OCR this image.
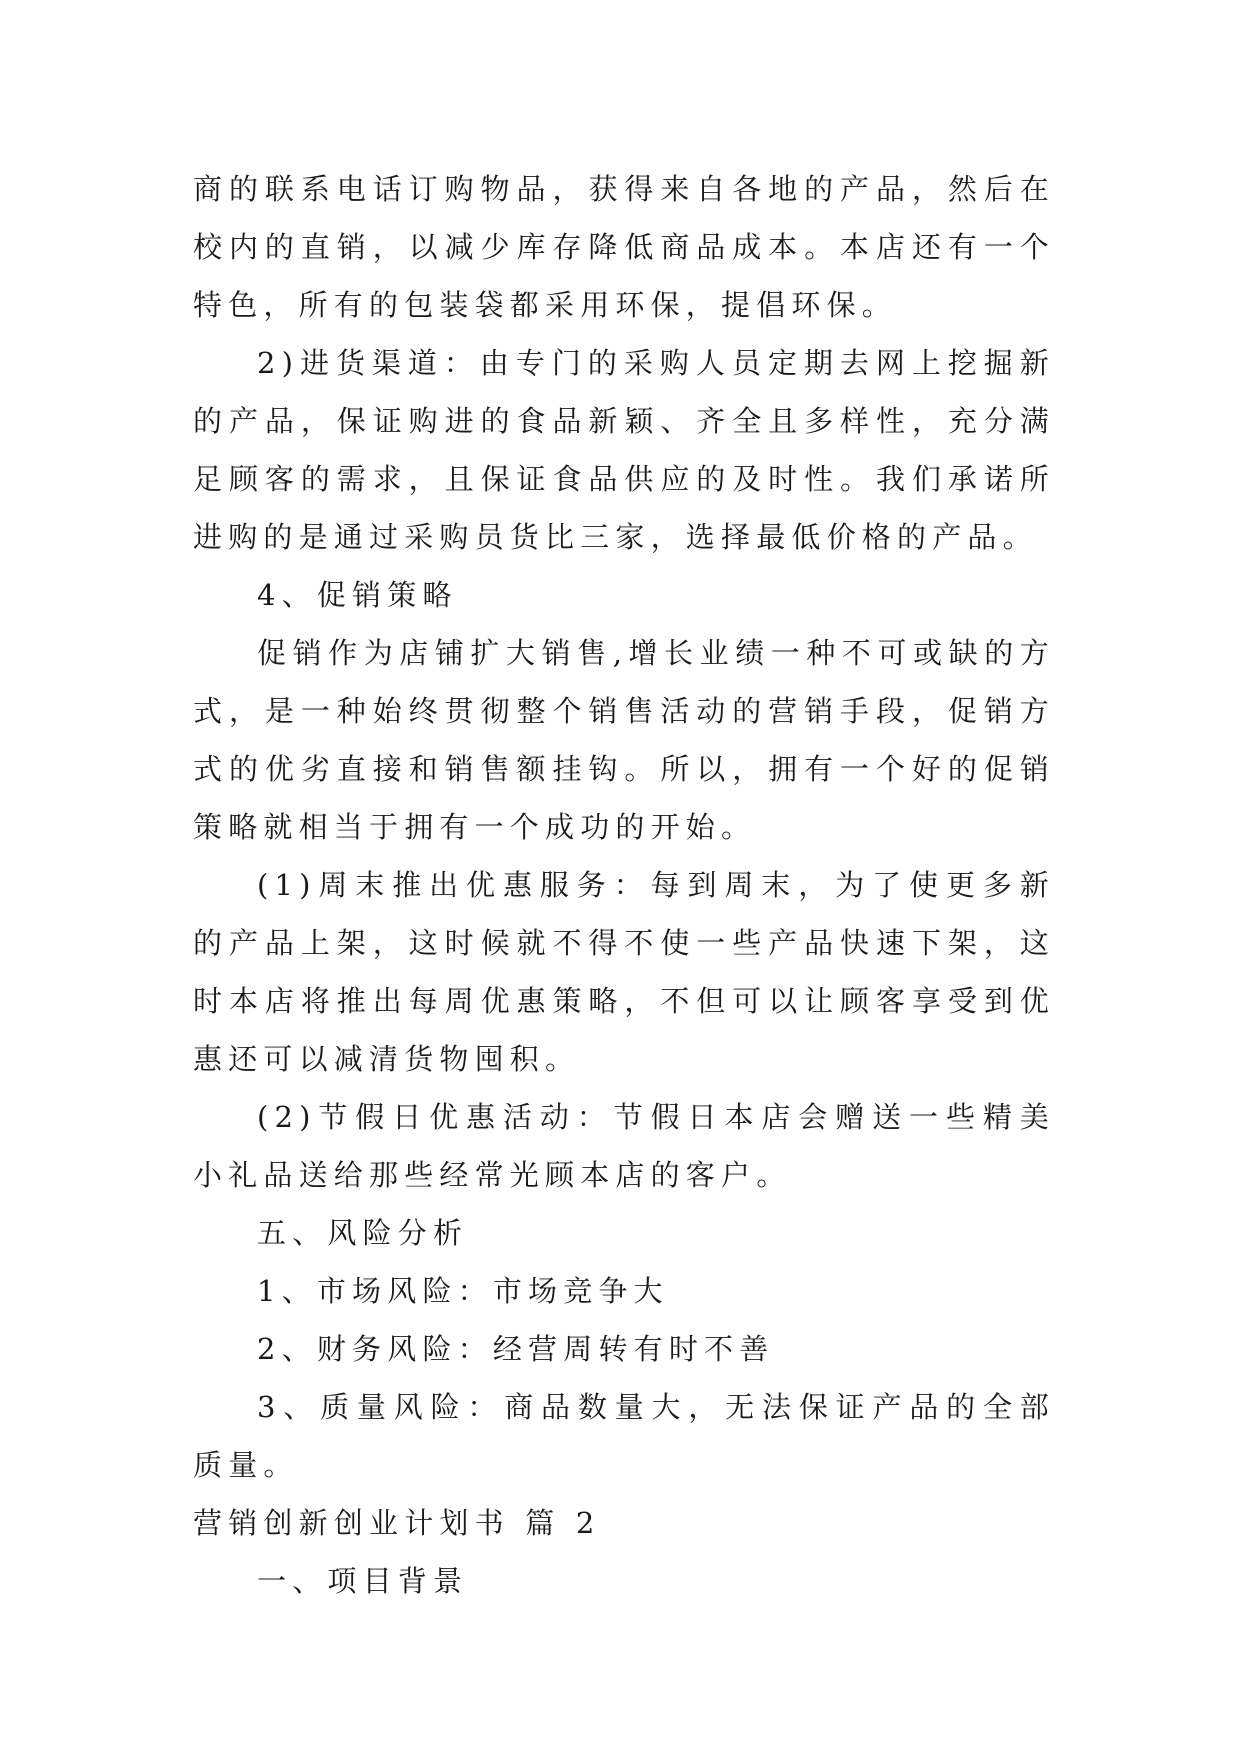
商的联系电话订购物品，获得来自各地的产品，然后在校内的直销，以减少库存降低商品成本。本店还有一个特色，所有的包装袋都采用环保，提倡环保。

2)进货渠道：由专门的采购人员定期去网上挖掘新的产品，保证购进的食品新颖、齐全且多样性，充分满足顾客的需求，且保证食品供应的及时性。我们承诺所进购的是通过采购员货比三家，选择最低价格的产品。

4、促销策略

促销作为店铺扩大销售,增长业绩一种不可或缺的方式，是一种始终贯彻整个销售活动的营销手段，促销方式的优劣直接和销售额挂钩。所以，拥有一个好的促销策略就相当于拥有一个成功的开始。

(1)周末推出优惠服务：每到周末，为了使更多新的产品上架，这时候就不得不使一些产品快速下架，这时本店将推出每周优惠策略，不但可以让顾客享受到优惠还可以减清货物囤积。

(2)节假日优惠活动：节假日本店会赠送一些精美小礼品送给那些经常光顾本店的客户。

五、风险分析

1、市场风险：市场竞争大

2、财务风险：经营周转有时不善

3、质量风险：商品数量大，无法保证产品的全部质量。

营销创新创业计划书 篇 2

一、项目背景
